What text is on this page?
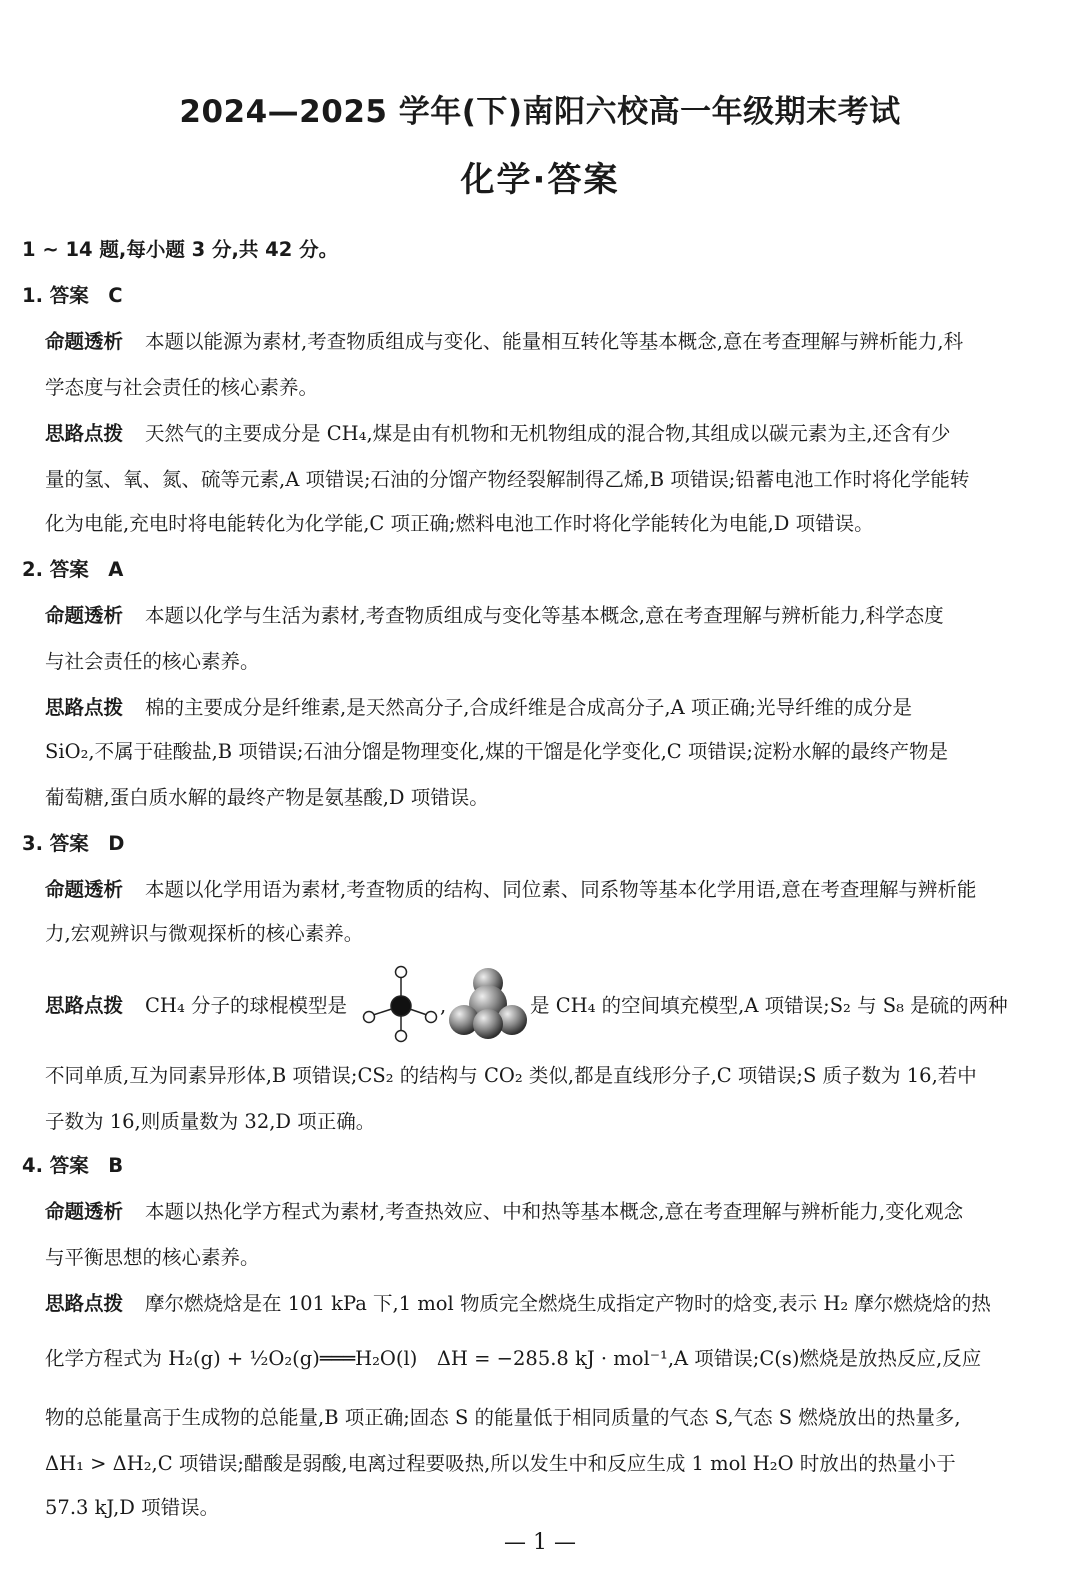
2024—2025 学年(下)南阳六校高一年级期末考试
化学·答案
1 ~ 14 题,每小题 3 分,共 42 分。
1. 答案　C
命题透析 本题以能源为素材,考查物质组成与变化、能量相互转化等基本概念,意在考查理解与辨析能力,科
学态度与社会责任的核心素养。
思路点拨 天然气的主要成分是 CH₄,煤是由有机物和无机物组成的混合物,其组成以碳元素为主,还含有少
量的氢、氧、氮、硫等元素,A 项错误;石油的分馏产物经裂解制得乙烯,B 项错误;铅蓄电池工作时将化学能转
化为电能,充电时将电能转化为化学能,C 项正确;燃料电池工作时将化学能转化为电能,D 项错误。
2. 答案　A
命题透析 本题以化学与生活为素材,考查物质组成与变化等基本概念,意在考查理解与辨析能力,科学态度
与社会责任的核心素养。
思路点拨 棉的主要成分是纤维素,是天然高分子,合成纤维是合成高分子,A 项正确;光导纤维的成分是
SiO₂,不属于硅酸盐,B 项错误;石油分馏是物理变化,煤的干馏是化学变化,C 项错误;淀粉水解的最终产物是
葡萄糖,蛋白质水解的最终产物是氨基酸,D 项错误。
3. 答案　D
命题透析 本题以化学用语为素材,考查物质的结构、同位素、同系物等基本化学用语,意在考查理解与辨析能
力,宏观辨识与微观探析的核心素养。
思路点拨 CH₄ 分子的球棍模型是	,	是 CH₄ 的空间填充模型,A 项错误;S₂ 与 S₈ 是硫的两种
不同单质,互为同素异形体,B 项错误;CS₂ 的结构与 CO₂ 类似,都是直线形分子,C 项错误;S 质子数为 16,若中
子数为 16,则质量数为 32,D 项正确。
4. 答案　B
命题透析 本题以热化学方程式为素材,考查热效应、中和热等基本概念,意在考查理解与辨析能力,变化观念
与平衡思想的核心素养。
思路点拨 摩尔燃烧焓是在 101 kPa 下,1 mol 物质完全燃烧生成指定产物时的焓变,表示 H₂ 摩尔燃烧焓的热
化学方程式为 H₂(g) + ½O₂(g)═══H₂O(l)　ΔH = −285.8 kJ · mol⁻¹,A 项错误;C(s)燃烧是放热反应,反应
物的总能量高于生成物的总能量,B 项正确;固态 S 的能量低于相同质量的气态 S,气态 S 燃烧放出的热量多,
ΔH₁ > ΔH₂,C 项错误;醋酸是弱酸,电离过程要吸热,所以发生中和反应生成 1 mol H₂O 时放出的热量小于
57.3 kJ,D 项错误。
— 1 —
